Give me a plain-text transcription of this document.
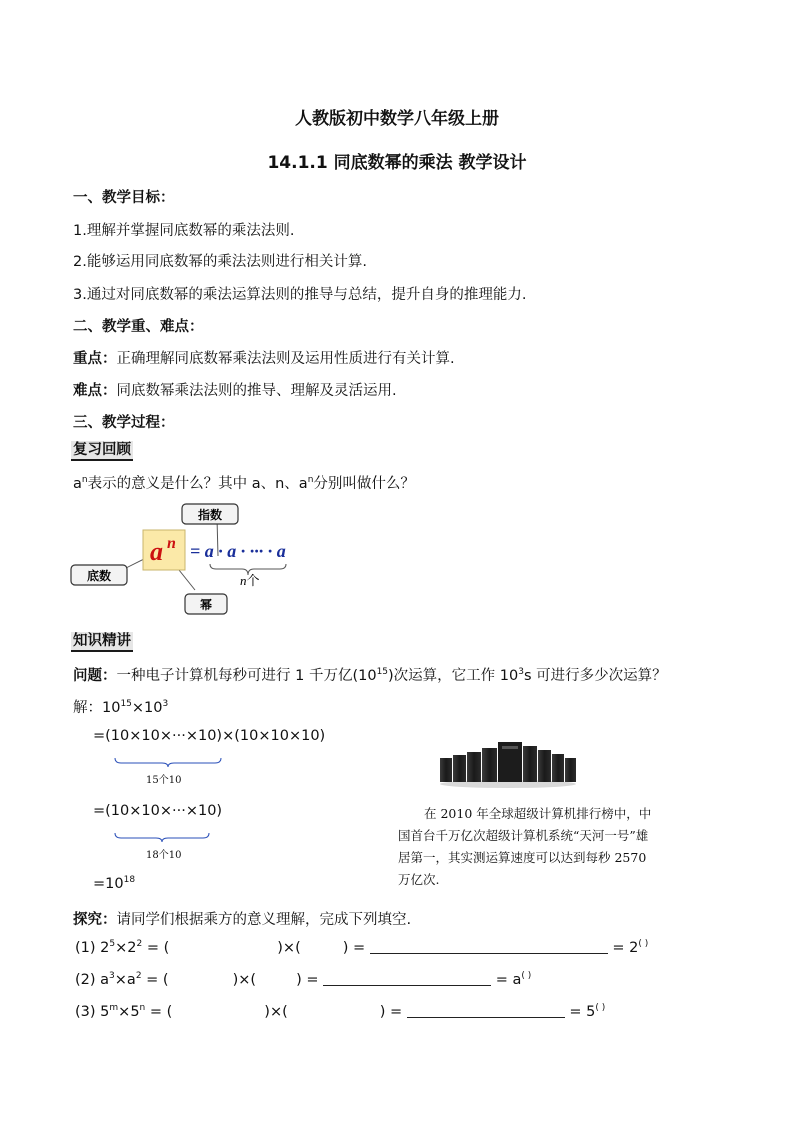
人教版初中数学八年级上册
14.1.1 同底数幂的乘法 教学设计
一、教学目标：
1.理解并掌握同底数幂的乘法法则.
2.能够运用同底数幂的乘法法则进行相关计算.
3.通过对同底数幂的乘法运算法则的推导与总结，提升自身的推理能力.
二、教学重、难点：
重点：正确理解同底数幂乘法法则及运用性质进行有关计算.
难点：同底数幂乘法法则的推导、理解及灵活运用.
三、教学过程：
复习回顾
$a^n$表示的意义是什么？其中 a、n、$a^n$分别叫做什么？
a n = a · a · ··· · a
n个
指数
底数
幂
知识精讲
问题：一种电子计算机每秒可进行 1 千万亿$(10^{15})$次运算，它工作 $10^3s$ 可进行多少次运算？
解：$10^{15}\times 10^3$
=(10×10×···×10)×(10×10×10)
15个10
=(10×10×···×10)
18个10
$=10^{18}$
在 2010 年全球超级计算机排行榜中，中国首台千万亿次超级计算机系统“天河一号”雄居第一，其实测运算速度可以达到每秒 2570 万亿次.
探究：请同学们根据乘方的意义理解，完成下列填空.
(1) $2^5\times 2^2$ = (	)×(	) =	= 2( )
(2) $a^3\times a^2$ = (	)×(	) =	= a( )
(3) $5^m\times 5^n$ = (	)×(	) =	= 5( )
